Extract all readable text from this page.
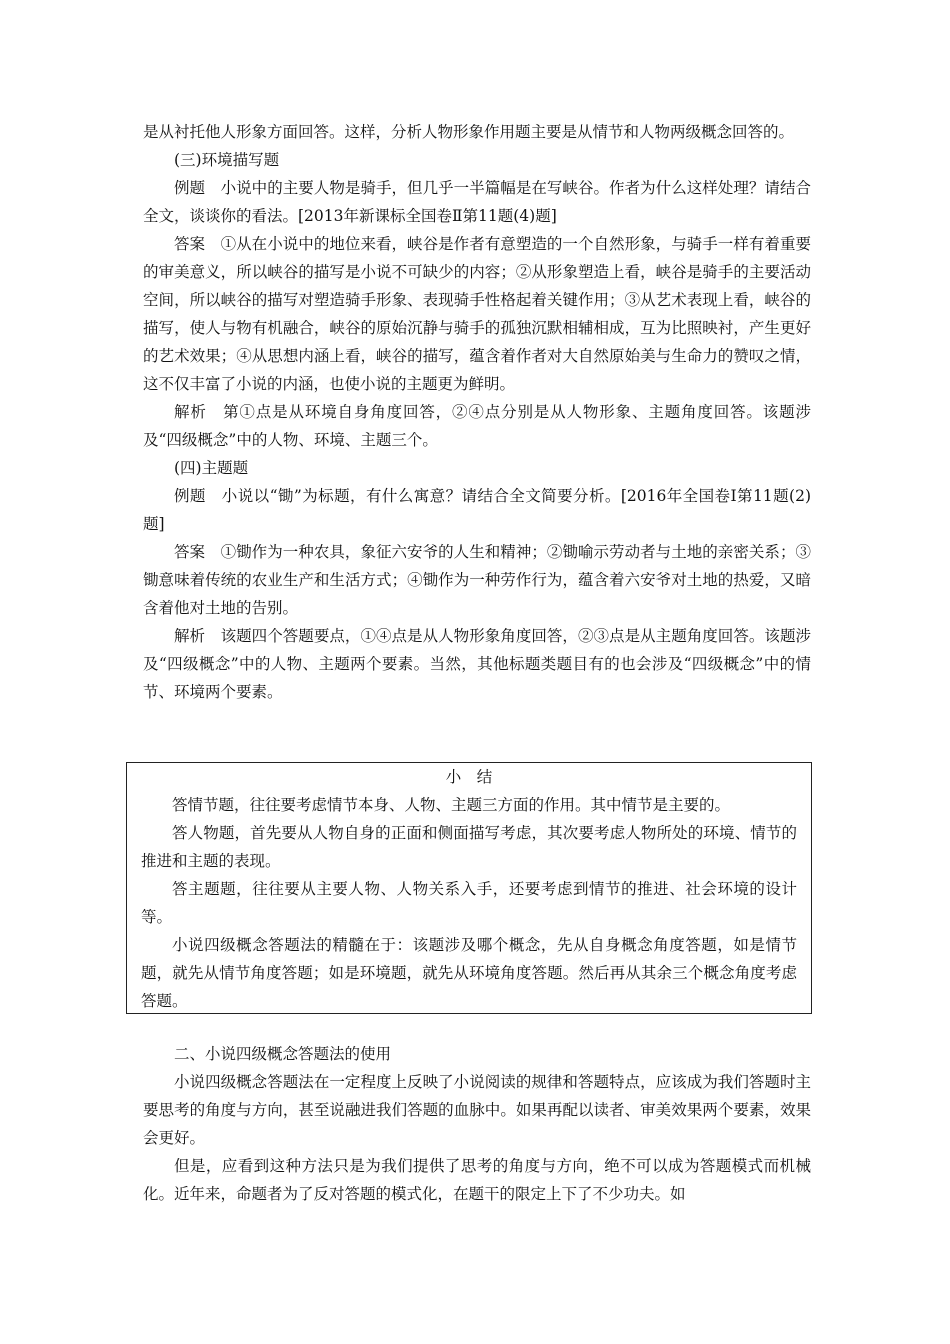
是从衬托他人形象方面回答。这样，分析人物形象作用题主要是从情节和人物两级概念回答的。

(三)环境描写题

例题　小说中的主要人物是骑手，但几乎一半篇幅是在写峡谷。作者为什么这样处理？请结合全文，谈谈你的看法。[2013年新课标全国卷Ⅱ第11题(4)题]

答案　①从在小说中的地位来看，峡谷是作者有意塑造的一个自然形象，与骑手一样有着重要的审美意义，所以峡谷的描写是小说不可缺少的内容；②从形象塑造上看，峡谷是骑手的主要活动空间，所以峡谷的描写对塑造骑手形象、表现骑手性格起着关键作用；③从艺术表现上看，峡谷的描写，使人与物有机融合，峡谷的原始沉静与骑手的孤独沉默相辅相成，互为比照映衬，产生更好的艺术效果；④从思想内涵上看，峡谷的描写，蕴含着作者对大自然原始美与生命力的赞叹之情，这不仅丰富了小说的内涵，也使小说的主题更为鲜明。

解析　第①点是从环境自身角度回答，②④点分别是从人物形象、主题角度回答。该题涉及“四级概念”中的人物、环境、主题三个。

(四)主题题

例题　小说以“锄”为标题，有什么寓意？请结合全文简要分析。[2016年全国卷Ⅰ第11题(2)题]

答案　①锄作为一种农具，象征六安爷的人生和精神；②锄喻示劳动者与土地的亲密关系；③锄意味着传统的农业生产和生活方式；④锄作为一种劳作行为，蕴含着六安爷对土地的热爱，又暗含着他对土地的告别。

解析　该题四个答题要点，①④点是从人物形象角度回答，②③点是从主题角度回答。该题涉及“四级概念”中的人物、主题两个要素。当然，其他标题类题目有的也会涉及“四级概念”中的情节、环境两个要素。

小结

答情节题，往往要考虑情节本身、人物、主题三方面的作用。其中情节是主要的。

答人物题，首先要从人物自身的正面和侧面描写考虑，其次要考虑人物所处的环境、情节的推进和主题的表现。

答主题题，往往要从主要人物、人物关系入手，还要考虑到情节的推进、社会环境的设计等。

小说四级概念答题法的精髓在于：该题涉及哪个概念，先从自身概念角度答题，如是情节题，就先从情节角度答题；如是环境题，就先从环境角度答题。然后再从其余三个概念角度考虑答题。

二、小说四级概念答题法的使用

小说四级概念答题法在一定程度上反映了小说阅读的规律和答题特点，应该成为我们答题时主要思考的角度与方向，甚至说融进我们答题的血脉中。如果再配以读者、审美效果两个要素，效果会更好。

但是，应看到这种方法只是为我们提供了思考的角度与方向，绝不可以成为答题模式而机械化。近年来，命题者为了反对答题的模式化，在题干的限定上下了不少功夫。如
